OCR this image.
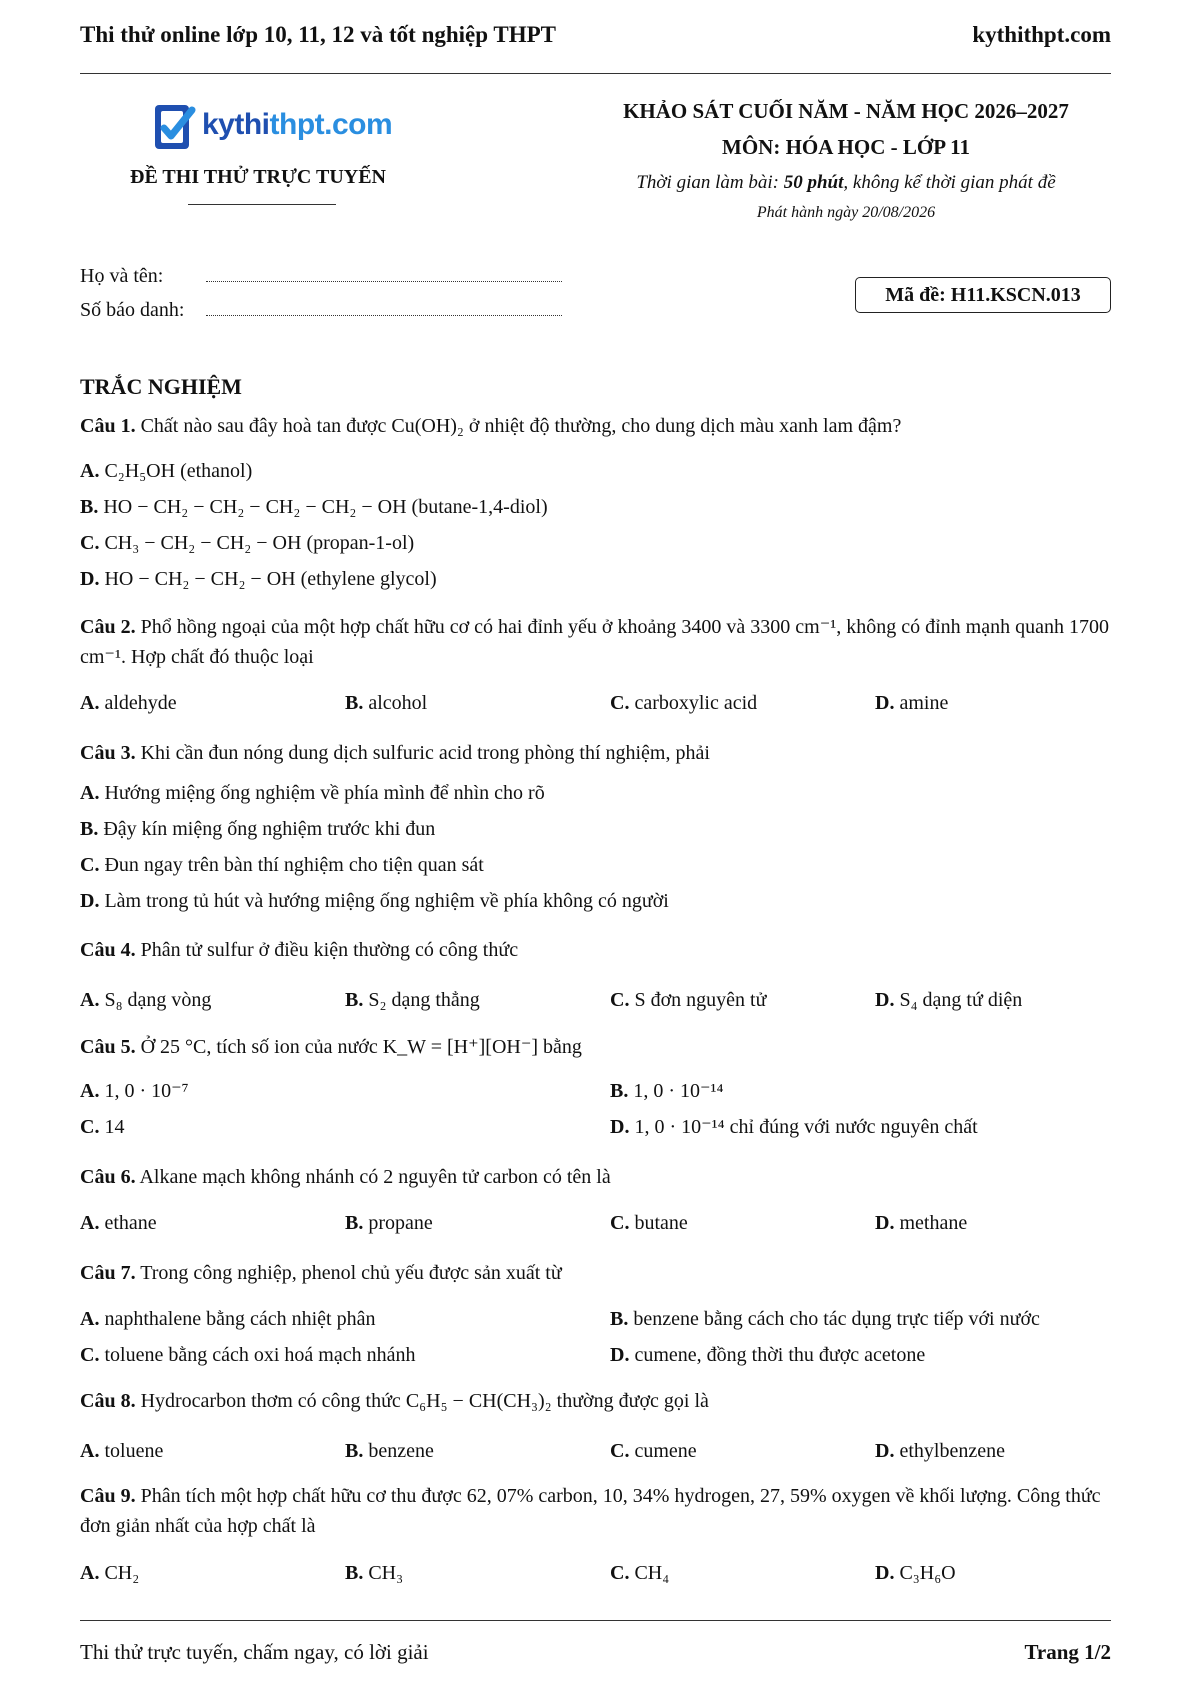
Thi thử online lớp 10, 11, 12 và tốt nghiệp THPT	kythithpt.com
kythithpt.com
ĐỀ THI THỬ TRỰC TUYẾN
KHẢO SÁT CUỐI NĂM - NĂM HỌC 2026–2027
MÔN: HÓA HỌC - LỚP 11
Thời gian làm bài: 50 phút, không kể thời gian phát đề
Phát hành ngày 20/08/2026
Họ và tên:
Số báo danh:
Mã đề: H11.KSCN.013
TRẮC NGHIỆM
Câu 1. Chất nào sau đây hoà tan được Cu(OH)₂ ở nhiệt độ thường, cho dung dịch màu xanh lam đậm?
A. C₂H₅OH (ethanol)
B. HO − CH₂ − CH₂ − CH₂ − CH₂ − OH (butane-1,4-diol)
C. CH₃ − CH₂ − CH₂ − OH (propan-1-ol)
D. HO − CH₂ − CH₂ − OH (ethylene glycol)
Câu 2. Phổ hồng ngoại của một hợp chất hữu cơ có hai đỉnh yếu ở khoảng 3400 và 3300 cm⁻¹, không có đỉnh mạnh quanh 1700 cm⁻¹. Hợp chất đó thuộc loại
A. aldehyde	B. alcohol	C. carboxylic acid	D. amine
Câu 3. Khi cần đun nóng dung dịch sulfuric acid trong phòng thí nghiệm, phải
A. Hướng miệng ống nghiệm về phía mình để nhìn cho rõ
B. Đậy kín miệng ống nghiệm trước khi đun
C. Đun ngay trên bàn thí nghiệm cho tiện quan sát
D. Làm trong tủ hút và hướng miệng ống nghiệm về phía không có người
Câu 4. Phân tử sulfur ở điều kiện thường có công thức
A. S₈ dạng vòng	B. S₂ dạng thẳng	C. S đơn nguyên tử	D. S₄ dạng tứ diện
Câu 5. Ở 25 °C, tích số ion của nước K_W = [H⁺][OH⁻] bằng
A. 1, 0 · 10⁻⁷	B. 1, 0 · 10⁻¹⁴
C. 14	D. 1, 0 · 10⁻¹⁴ chỉ đúng với nước nguyên chất
Câu 6. Alkane mạch không nhánh có 2 nguyên tử carbon có tên là
A. ethane	B. propane	C. butane	D. methane
Câu 7. Trong công nghiệp, phenol chủ yếu được sản xuất từ
A. naphthalene bằng cách nhiệt phân	B. benzene bằng cách cho tác dụng trực tiếp với nước
C. toluene bằng cách oxi hoá mạch nhánh	D. cumene, đồng thời thu được acetone
Câu 8. Hydrocarbon thơm có công thức C₆H₅ − CH(CH₃)₂ thường được gọi là
A. toluene	B. benzene	C. cumene	D. ethylbenzene
Câu 9. Phân tích một hợp chất hữu cơ thu được 62, 07% carbon, 10, 34% hydrogen, 27, 59% oxygen về khối lượng. Công thức đơn giản nhất của hợp chất là
A. CH₂	B. CH₃	C. CH₄	D. C₃H₆O
Thi thử trực tuyến, chấm ngay, có lời giải	Trang 1/2
